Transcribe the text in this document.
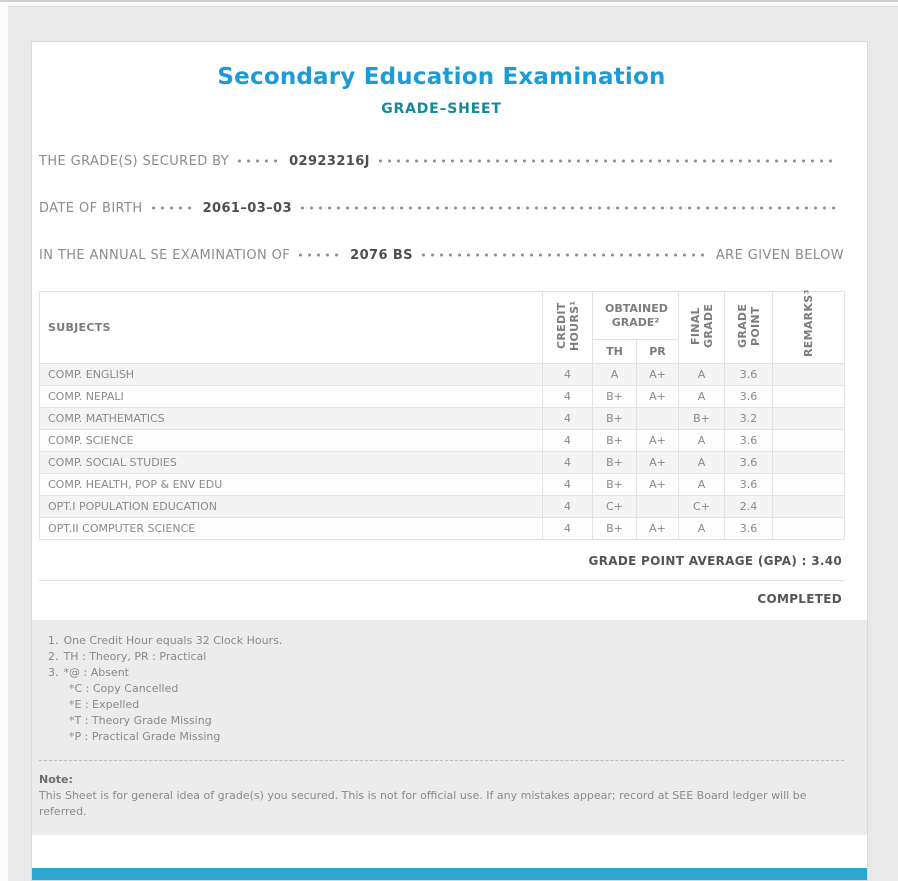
Secondary Education Examination
GRADE–SHEET
THE GRADE(S) SECURED BY	02923216J
DATE OF BIRTH	2061–03–03
IN THE ANNUAL SE EXAMINATION OF	2076 BS	ARE GIVEN BELOW
SUBJECTS	CREDIT HOURS¹	OBTAINED GRADE²		FINAL GRADE	GRADE POINT	REMARKS³
		TH	PR			
COMP. ENGLISH	4	A	A+	A	3.6	
COMP. NEPALI	4	B+	A+	A	3.6	
COMP. MATHEMATICS	4	B+		B+	3.2	
COMP. SCIENCE	4	B+	A+	A	3.6	
COMP. SOCIAL STUDIES	4	B+	A+	A	3.6	
COMP. HEALTH, POP & ENV EDU	4	B+	A+	A	3.6	
OPT.I POPULATION EDUCATION	4	C+		C+	2.4	
OPT.II COMPUTER SCIENCE	4	B+	A+	A	3.6	
GRADE POINT AVERAGE (GPA) : 3.40
COMPLETED
1. One Credit Hour equals 32 Clock Hours.
2. TH : Theory, PR : Practical
3. *@ : Absent
*C : Copy Cancelled
*E : Expelled
*T : Theory Grade Missing
*P : Practical Grade Missing
Note:
This Sheet is for general idea of grade(s) you secured. This is not for official use. If any mistakes appear; record at SEE Board ledger will be referred.
